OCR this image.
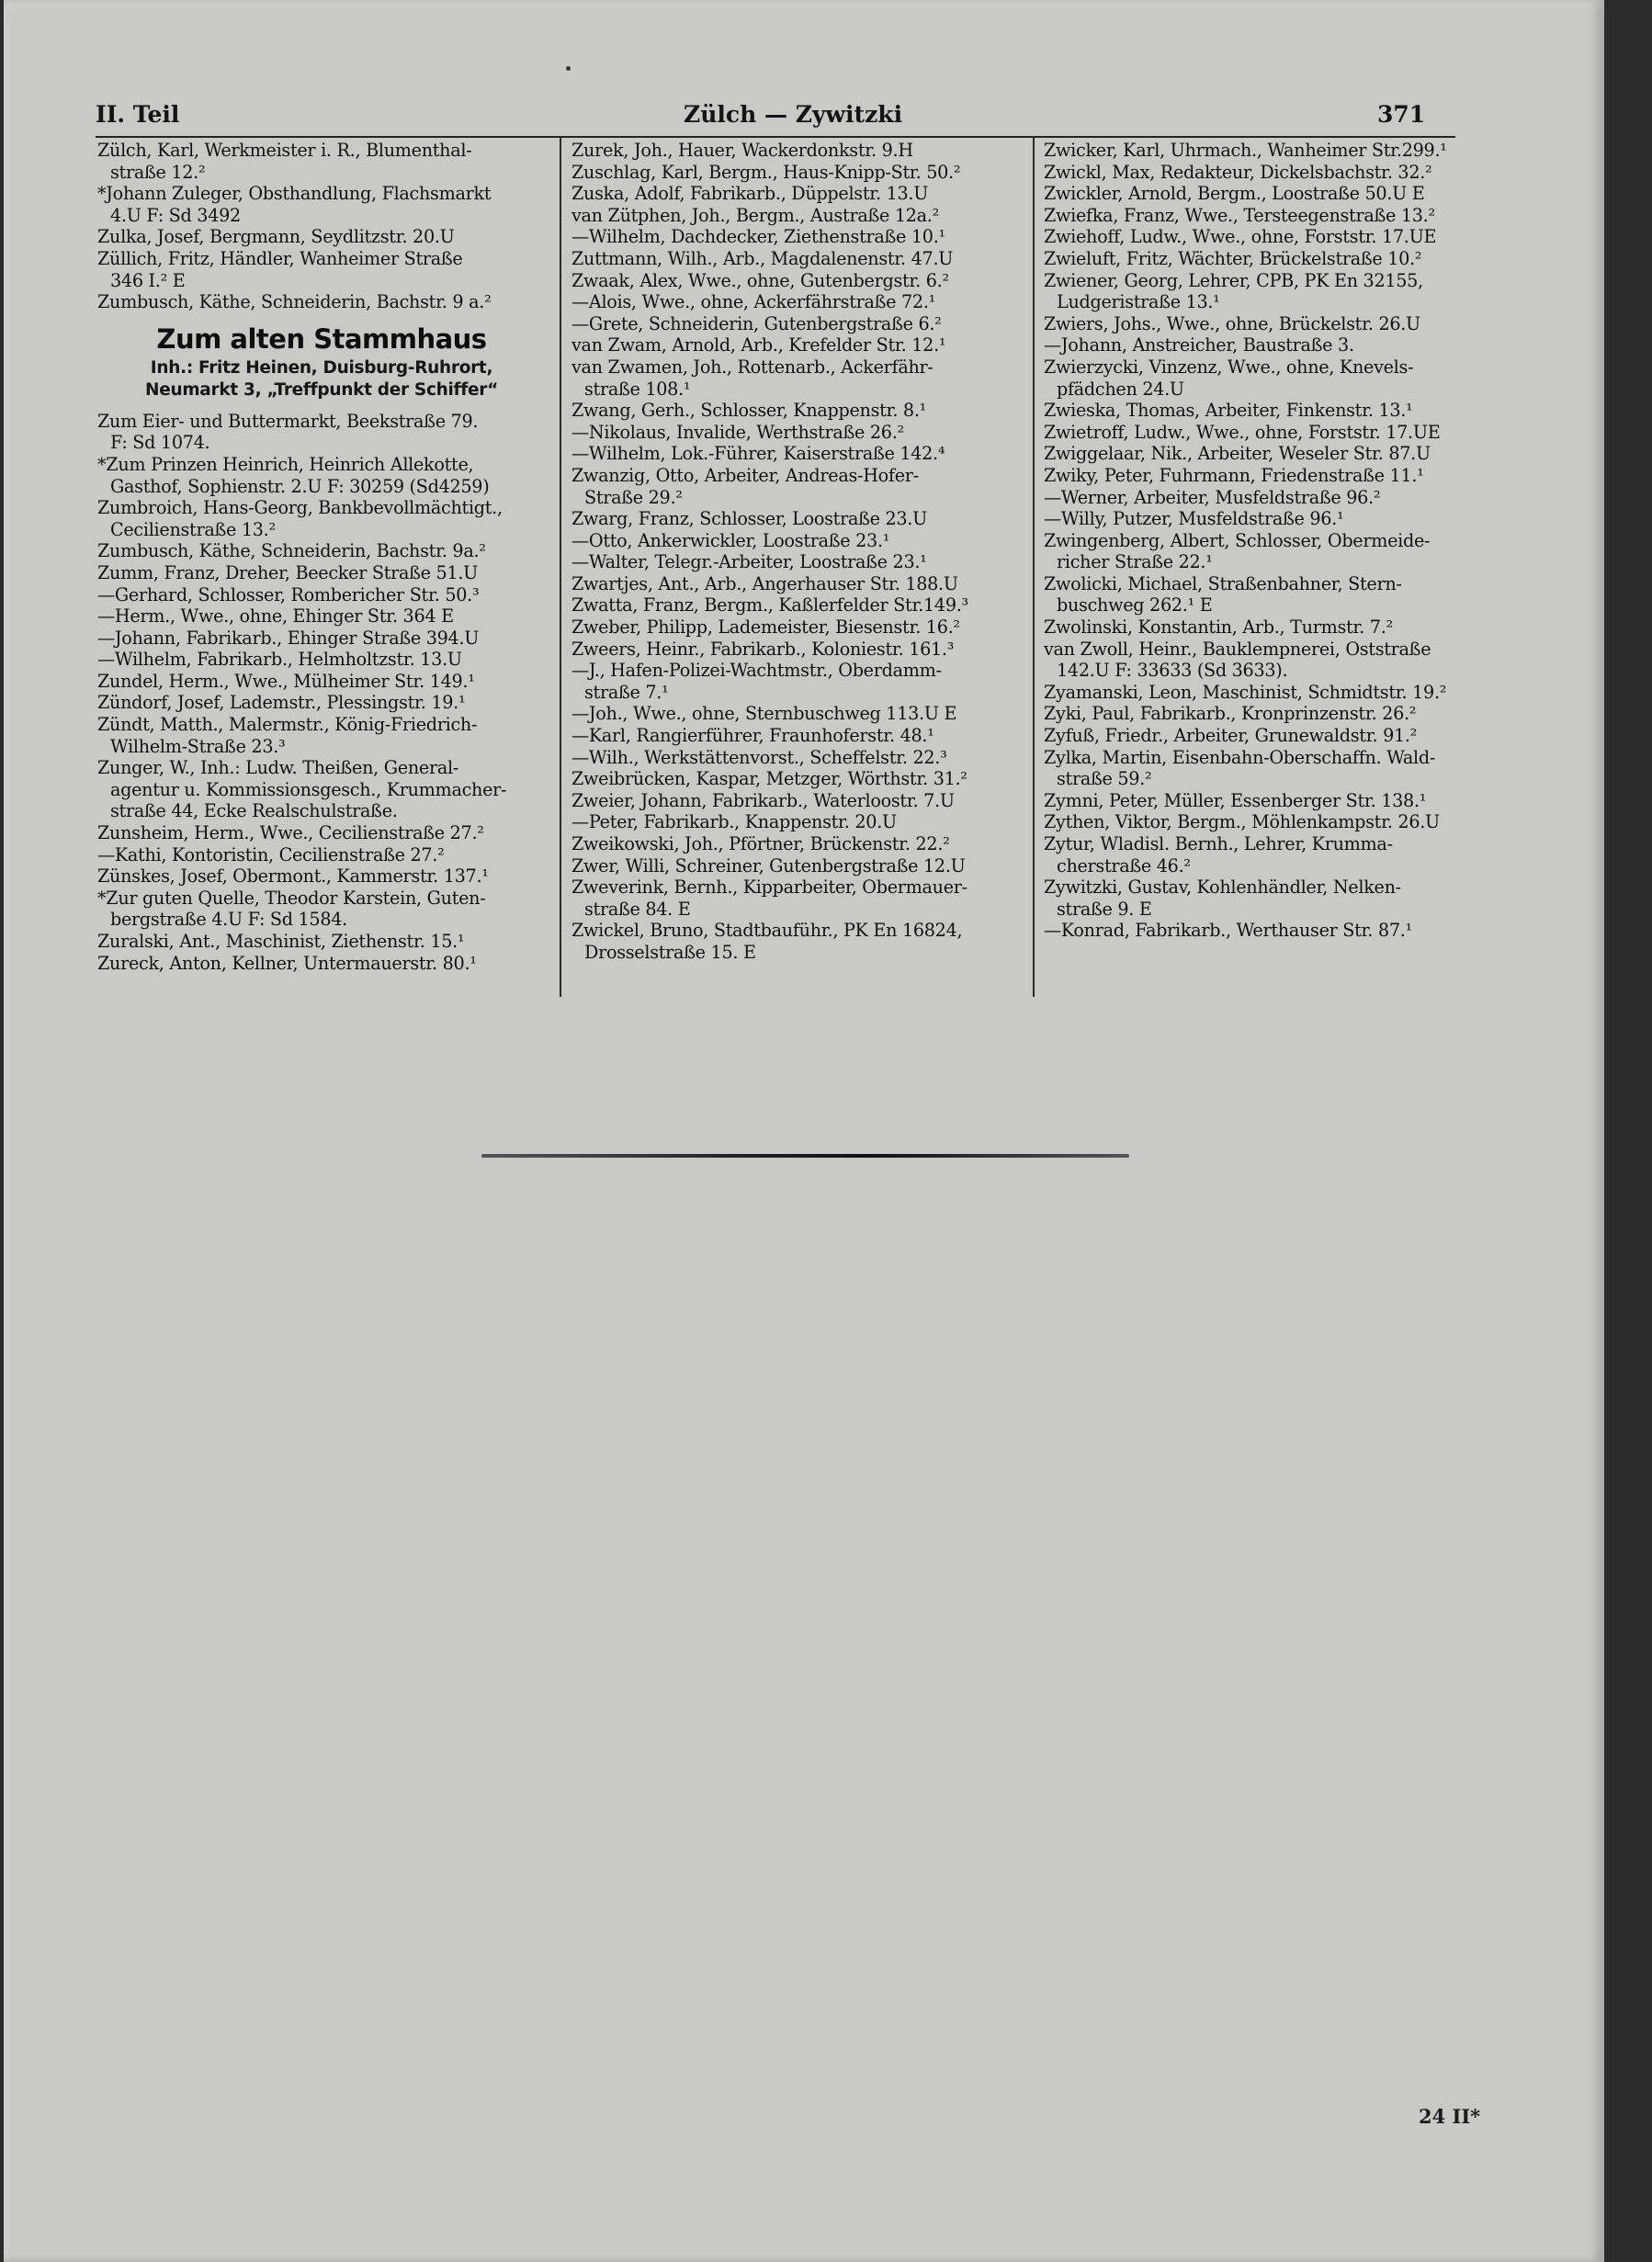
II. Teil	Zülch — Zywitzki	371
Zülch, Karl, Werkmeister i. R., Blumenthal-
straße 12.²
*Johann Zuleger, Obsthandlung, Flachsmarkt
4.U F: Sd 3492
Zulka, Josef, Bergmann, Seydlitzstr. 20.U
Züllich, Fritz, Händler, Wanheimer Straße
346 I.² E
Zumbusch, Käthe, Schneiderin, Bachstr. 9 a.²
Zum alten Stammhaus
Inh.: Fritz Heinen, Duisburg-Ruhrort,
Neumarkt 3, „Treffpunkt der Schiffer“
Zum Eier- und Buttermarkt, Beekstraße 79.
F: Sd 1074.
*Zum Prinzen Heinrich, Heinrich Allekotte,
Gasthof, Sophienstr. 2.U F: 30259 (Sd4259)
Zumbroich, Hans-Georg, Bankbevollmächtigt.,
Cecilienstraße 13.²
Zumbusch, Käthe, Schneiderin, Bachstr. 9a.²
Zumm, Franz, Dreher, Beecker Straße 51.U
—Gerhard, Schlosser, Rombericher Str. 50.³
—Herm., Wwe., ohne, Ehinger Str. 364 E
—Johann, Fabrikarb., Ehinger Straße 394.U
—Wilhelm, Fabrikarb., Helmholtzstr. 13.U
Zundel, Herm., Wwe., Mülheimer Str. 149.¹
Zündorf, Josef, Lademstr., Plessingstr. 19.¹
Zündt, Matth., Malermstr., König-Friedrich-
Wilhelm-Straße 23.³
Zunger, W., Inh.: Ludw. Theißen, General-
agentur u. Kommissionsgesch., Krummacher-
straße 44, Ecke Realschulstraße.
Zunsheim, Herm., Wwe., Cecilienstraße 27.²
—Kathi, Kontoristin, Cecilienstraße 27.²
Zünskes, Josef, Obermont., Kammerstr. 137.¹
*Zur guten Quelle, Theodor Karstein, Guten-
bergstraße 4.U F: Sd 1584.
Zuralski, Ant., Maschinist, Ziethenstr. 15.¹
Zureck, Anton, Kellner, Untermauerstr. 80.¹
Zurek, Joh., Hauer, Wackerdonkstr. 9.H
Zuschlag, Karl, Bergm., Haus-Knipp-Str. 50.²
Zuska, Adolf, Fabrikarb., Düppelstr. 13.U
van Zütphen, Joh., Bergm., Austraße 12a.²
—Wilhelm, Dachdecker, Ziethenstraße 10.¹
Zuttmann, Wilh., Arb., Magdalenenstr. 47.U
Zwaak, Alex, Wwe., ohne, Gutenbergstr. 6.²
—Alois, Wwe., ohne, Ackerfährstraße 72.¹
—Grete, Schneiderin, Gutenbergstraße 6.²
van Zwam, Arnold, Arb., Krefelder Str. 12.¹
van Zwamen, Joh., Rottenarb., Ackerfähr-
straße 108.¹
Zwang, Gerh., Schlosser, Knappenstr. 8.¹
—Nikolaus, Invalide, Werthstraße 26.²
—Wilhelm, Lok.-Führer, Kaiserstraße 142.⁴
Zwanzig, Otto, Arbeiter, Andreas-Hofer-
Straße 29.²
Zwarg, Franz, Schlosser, Loostraße 23.U
—Otto, Ankerwickler, Loostraße 23.¹
—Walter, Telegr.-Arbeiter, Loostraße 23.¹
Zwartjes, Ant., Arb., Angerhauser Str. 188.U
Zwatta, Franz, Bergm., Kaßlerfelder Str.149.³
Zweber, Philipp, Lademeister, Biesenstr. 16.²
Zweers, Heinr., Fabrikarb., Koloniestr. 161.³
—J., Hafen-Polizei-Wachtmstr., Oberdamm-
straße 7.¹
—Joh., Wwe., ohne, Sternbuschweg 113.U E
—Karl, Rangierführer, Fraunhoferstr. 48.¹
—Wilh., Werkstättenvorst., Scheffelstr. 22.³
Zweibrücken, Kaspar, Metzger, Wörthstr. 31.²
Zweier, Johann, Fabrikarb., Waterloostr. 7.U
—Peter, Fabrikarb., Knappenstr. 20.U
Zweikowski, Joh., Pförtner, Brückenstr. 22.²
Zwer, Willi, Schreiner, Gutenbergstraße 12.U
Zweverink, Bernh., Kipparbeiter, Obermauer-
straße 84. E
Zwickel, Bruno, Stadtbauführ., PK En 16824,
Drosselstraße 15. E
Zwicker, Karl, Uhrmach., Wanheimer Str.299.¹
Zwickl, Max, Redakteur, Dickelsbachstr. 32.²
Zwickler, Arnold, Bergm., Loostraße 50.U E
Zwiefka, Franz, Wwe., Tersteegenstraße 13.²
Zwiehoff, Ludw., Wwe., ohne, Forststr. 17.UE
Zwieluft, Fritz, Wächter, Brückelstraße 10.²
Zwiener, Georg, Lehrer, CPB, PK En 32155,
Ludgeristraße 13.¹
Zwiers, Johs., Wwe., ohne, Brückelstr. 26.U
—Johann, Anstreicher, Baustraße 3.
Zwierzycki, Vinzenz, Wwe., ohne, Knevels-
pfädchen 24.U
Zwieska, Thomas, Arbeiter, Finkenstr. 13.¹
Zwietroff, Ludw., Wwe., ohne, Forststr. 17.UE
Zwiggelaar, Nik., Arbeiter, Weseler Str. 87.U
Zwiky, Peter, Fuhrmann, Friedenstraße 11.¹
—Werner, Arbeiter, Musfeldstraße 96.²
—Willy, Putzer, Musfeldstraße 96.¹
Zwingenberg, Albert, Schlosser, Obermeide-
richer Straße 22.¹
Zwolicki, Michael, Straßenbahner, Stern-
buschweg 262.¹ E
Zwolinski, Konstantin, Arb., Turmstr. 7.²
van Zwoll, Heinr., Bauklempnerei, Oststraße
142.U F: 33633 (Sd 3633).
Zyamanski, Leon, Maschinist, Schmidtstr. 19.²
Zyki, Paul, Fabrikarb., Kronprinzenstr. 26.²
Zyfuß, Friedr., Arbeiter, Grunewaldstr. 91.²
Zylka, Martin, Eisenbahn-Oberschaffn. Wald-
straße 59.²
Zymni, Peter, Müller, Essenberger Str. 138.¹
Zythen, Viktor, Bergm., Möhlenkampstr. 26.U
Zytur, Wladisl. Bernh., Lehrer, Krumma-
cherstraße 46.²
Zywitzki, Gustav, Kohlenhändler, Nelken-
straße 9. E
—Konrad, Fabrikarb., Werthauser Str. 87.¹
24 II*
